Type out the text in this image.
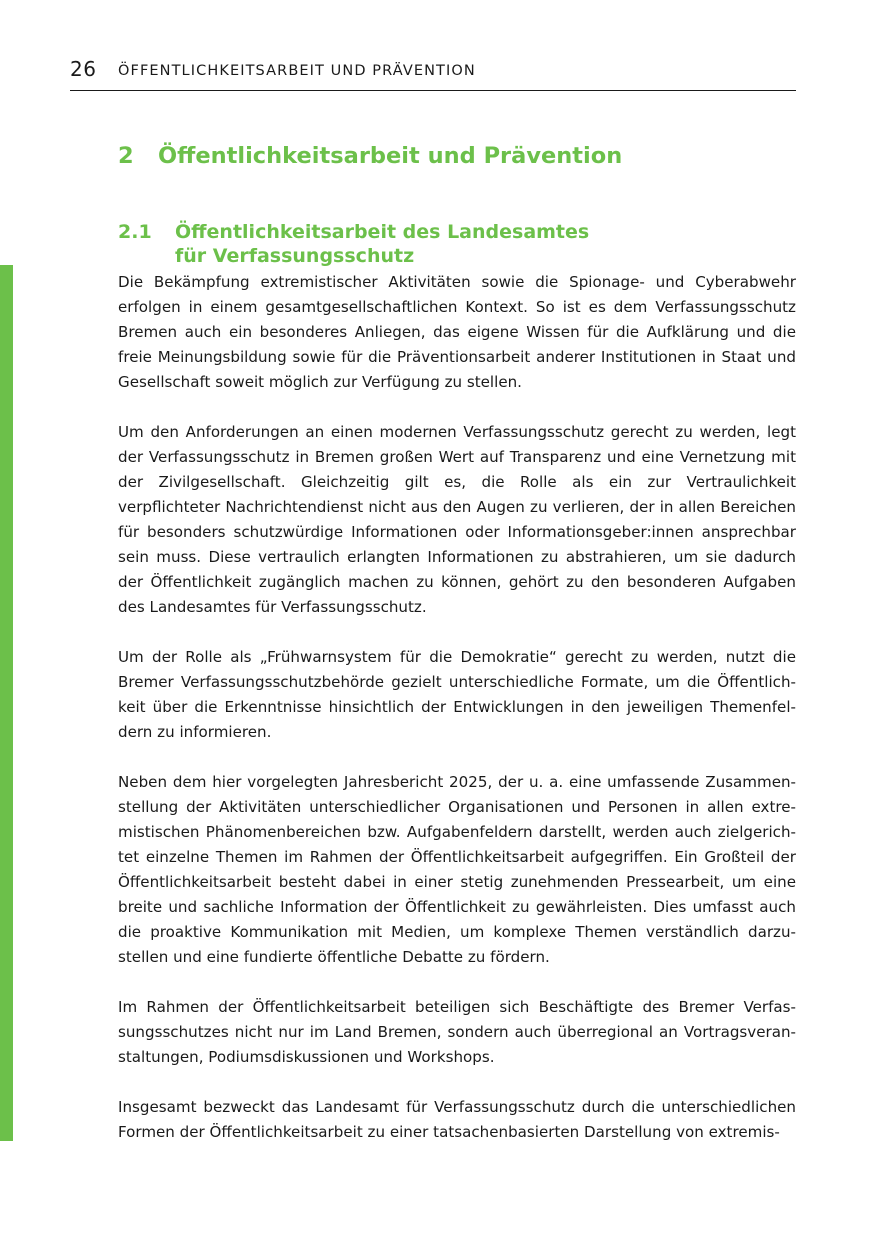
26 ÖFFENTLICHKEITSARBEIT UND PRÄVENTION
2 Öffentlichkeitsarbeit und Prävention
2.1 Öffentlichkeitsarbeit des Landesamtes
für Verfassungsschutz

Die Bekämpfung extremistischer Aktivitäten sowie die Spionage- und Cyberabwehr erfolgen in einem gesamtgesellschaftlichen Kontext. So ist es dem Verfassungsschutz Bremen auch ein besonderes Anliegen, das eigene Wissen für die Aufklärung und die freie Meinungsbildung sowie für die Präventionsarbeit anderer Institutionen in Staat und Gesellschaft soweit möglich zur Verfügung zu stellen.

Um den Anforderungen an einen modernen Verfassungsschutz gerecht zu werden, legt der Verfassungsschutz in Bremen großen Wert auf Transparenz und eine Vernetzung mit der Zivilgesellschaft. Gleichzeitig gilt es, die Rolle als ein zur Vertraulichkeit verpflichteter Nachrichtendienst nicht aus den Augen zu verlieren, der in allen Bereichen für besonders schutzwürdige Informationen oder Informationsgeber:innen ansprechbar sein muss. Diese vertraulich erlangten Informationen zu abstrahieren, um sie dadurch der Öffentlichkeit zugänglich machen zu können, gehört zu den besonderen Aufgaben des Landesamtes für Verfassungsschutz.

Um der Rolle als „Frühwarnsystem für die Demokratie“ gerecht zu werden, nutzt die Bremer Verfassungsschutzbehörde gezielt unterschiedliche Formate, um die Öffentlichkeit über die Erkenntnisse hinsichtlich der Entwicklungen in den jeweiligen Themenfeldern zu informieren.

Neben dem hier vorgelegten Jahresbericht 2025, der u. a. eine umfassende Zusammenstellung der Aktivitäten unterschiedlicher Organisationen und Personen in allen extremistischen Phänomenbereichen bzw. Aufgabenfeldern darstellt, werden auch zielgerichtet einzelne Themen im Rahmen der Öffentlichkeitsarbeit aufgegriffen. Ein Großteil der Öffentlichkeitsarbeit besteht dabei in einer stetig zunehmenden Pressearbeit, um eine breite und sachliche Information der Öffentlichkeit zu gewährleisten. Dies umfasst auch die proaktive Kommunikation mit Medien, um komplexe Themen verständlich darzustellen und eine fundierte öffentliche Debatte zu fördern.

Im Rahmen der Öffentlichkeitsarbeit beteiligen sich Beschäftigte des Bremer Verfassungsschutzes nicht nur im Land Bremen, sondern auch überregional an Vortragsveranstaltungen, Podiumsdiskussionen und Workshops.

Insgesamt bezweckt das Landesamt für Verfassungsschutz durch die unterschiedlichen Formen der Öffentlichkeitsarbeit zu einer tatsachenbasierten Darstellung von extremis-
